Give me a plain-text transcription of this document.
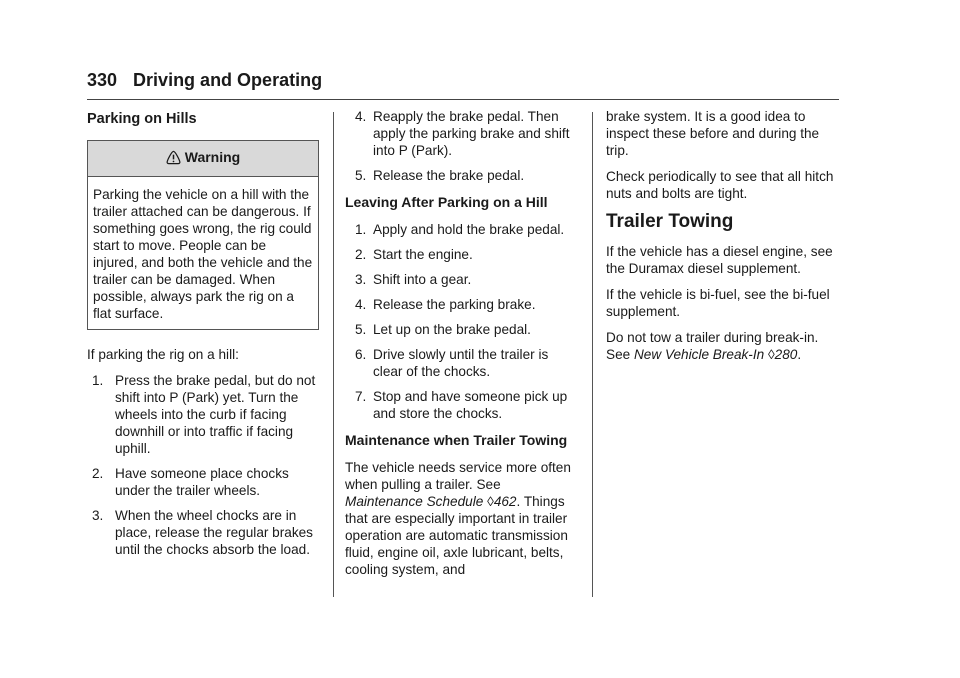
330 Driving and Operating
Parking on Hills
Warning
Parking the vehicle on a hill with the trailer attached can be dangerous. If something goes wrong, the rig could start to move. People can be injured, and both the vehicle and the trailer can be damaged. When possible, always park the rig on a flat surface.

If parking the rig on a hill:

1. Press the brake pedal, but do not shift into P (Park) yet. Turn the wheels into the curb if facing downhill or into traffic if facing uphill.
2. Have someone place chocks under the trailer wheels.
3. When the wheel chocks are in place, release the regular brakes until the chocks absorb the load.
4. Reapply the brake pedal. Then apply the parking brake and shift into P (Park).
5. Release the brake pedal.
Leaving After Parking on a Hill
1. Apply and hold the brake pedal.
2. Start the engine.
3. Shift into a gear.
4. Release the parking brake.
5. Let up on the brake pedal.
6. Drive slowly until the trailer is clear of the chocks.
7. Stop and have someone pick up and store the chocks.
Maintenance when Trailer Towing

The vehicle needs service more often when pulling a trailer. See Maintenance Schedule ◊462. Things that are especially important in trailer operation are automatic transmission fluid, engine oil, axle lubricant, belts, cooling system, and

brake system. It is a good idea to inspect these before and during the trip.

Check periodically to see that all hitch nuts and bolts are tight.

Trailer Towing

If the vehicle has a diesel engine, see the Duramax diesel supplement.

If the vehicle is bi-fuel, see the bi-fuel supplement.

Do not tow a trailer during break-in. See New Vehicle Break-In ◊280.
